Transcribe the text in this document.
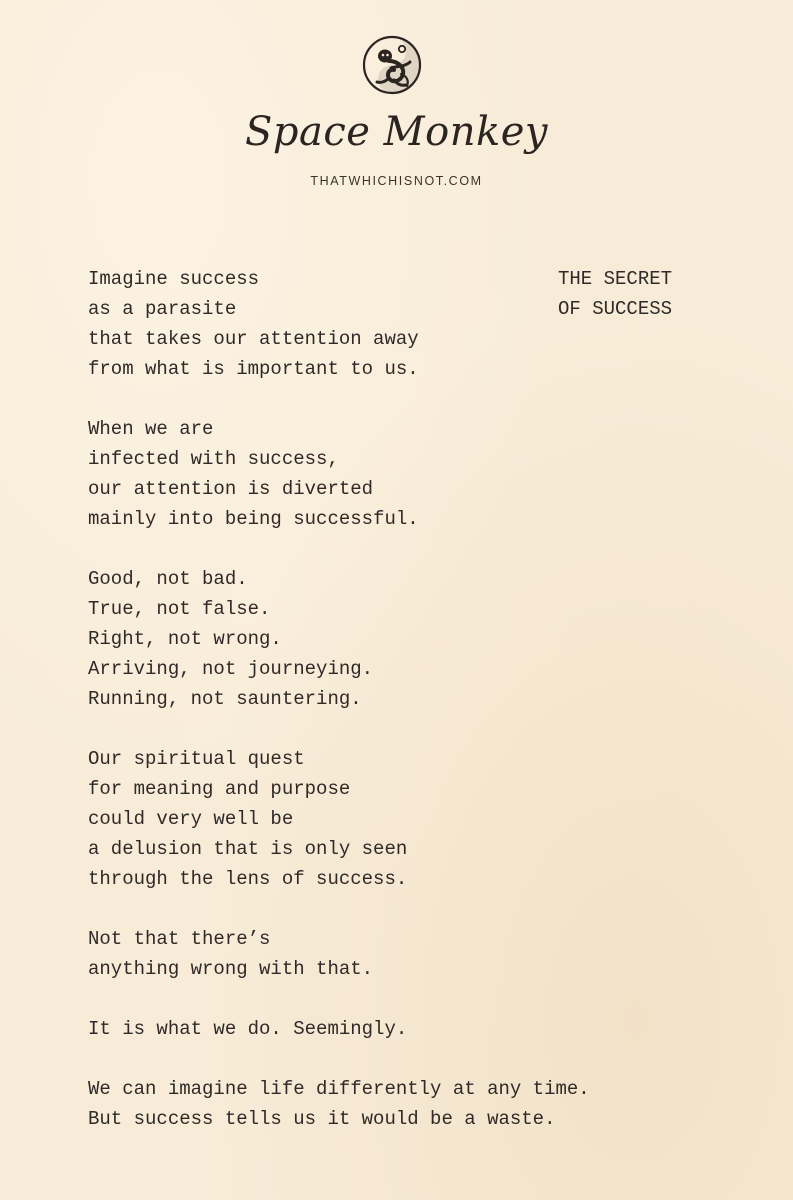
Space Monkey
THATWHICHISNOT.COM
THE SECRET
OF SUCCESS
Imagine success
as a parasite
that takes our attention away
from what is important to us.
When we are
infected with success,
our attention is diverted
mainly into being successful.
Good, not bad.
True, not false.
Right, not wrong.
Arriving, not journeying.
Running, not sauntering.
Our spiritual quest
for meaning and purpose
could very well be
a delusion that is only seen
through the lens of success.
Not that there’s
anything wrong with that.
It is what we do. Seemingly.
We can imagine life differently at any time.
But success tells us it would be a waste.
